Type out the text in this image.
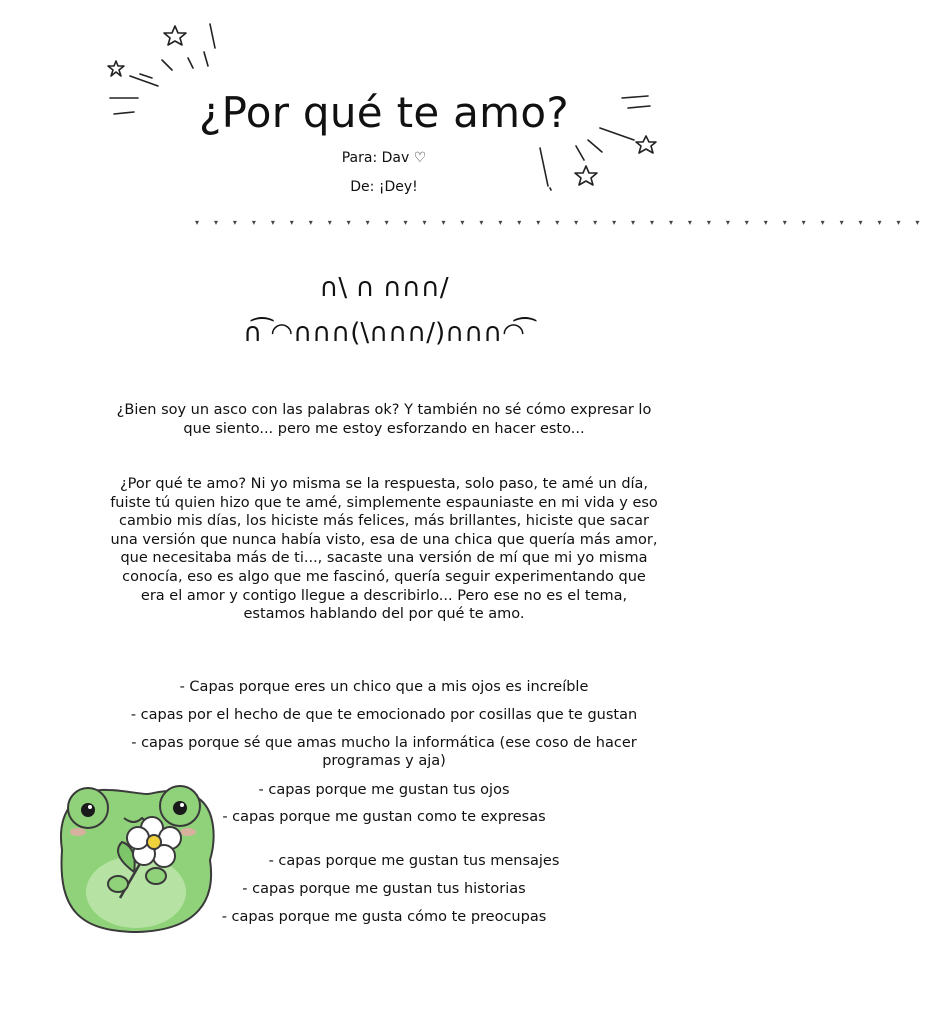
¿Por qué te amo?
Para: Dav ♡
De: ¡Dey!
▾ ▾ ▾ ▾ ▾ ▾ ▾ ▾ ▾ ▾ ▾ ▾ ▾ ▾ ▾ ▾ ▾ ▾ ▾ ▾ ▾ ▾ ▾ ▾ ▾ ▾ ▾ ▾ ▾ ▾ ▾ ▾ ▾ ▾ ▾ ▾ ▾ ▾ ▾
∩\ ∩ ∩∩∩/
∩͡ ◠∩∩∩(\∩∩∩/)∩∩∩◠͡
¿Bien soy un asco con las palabras ok? Y también no sé cómo expresar lo que siento... pero me estoy esforzando en hacer esto...
¿Por qué te amo? Ni yo misma se la respuesta, solo paso, te amé un día, fuiste tú quien hizo que te amé, simplemente espauniaste en mi vida y eso cambio mis días, los hiciste más felices, más brillantes, hiciste que sacar una versión que nunca había visto, esa de una chica que quería más amor, que necesitaba más de ti..., sacaste una versión de mí que mi yo misma conocía, eso es algo que me fascinó, quería seguir experimentando que era el amor y contigo llegue a describirlo... Pero ese no es el tema, estamos hablando del por qué te amo.
- Capas porque eres un chico que a mis ojos es increíble
- capas por el hecho de que te emocionado por cosillas que te gustan
- capas porque sé que amas mucho la informática (ese coso de hacer programas y aja)
- capas porque me gustan tus ojos
- capas porque me gustan como te expresas
- capas porque me gustan tus mensajes
- capas porque me gustan tus historias
- capas porque me gusta cómo te preocupas
